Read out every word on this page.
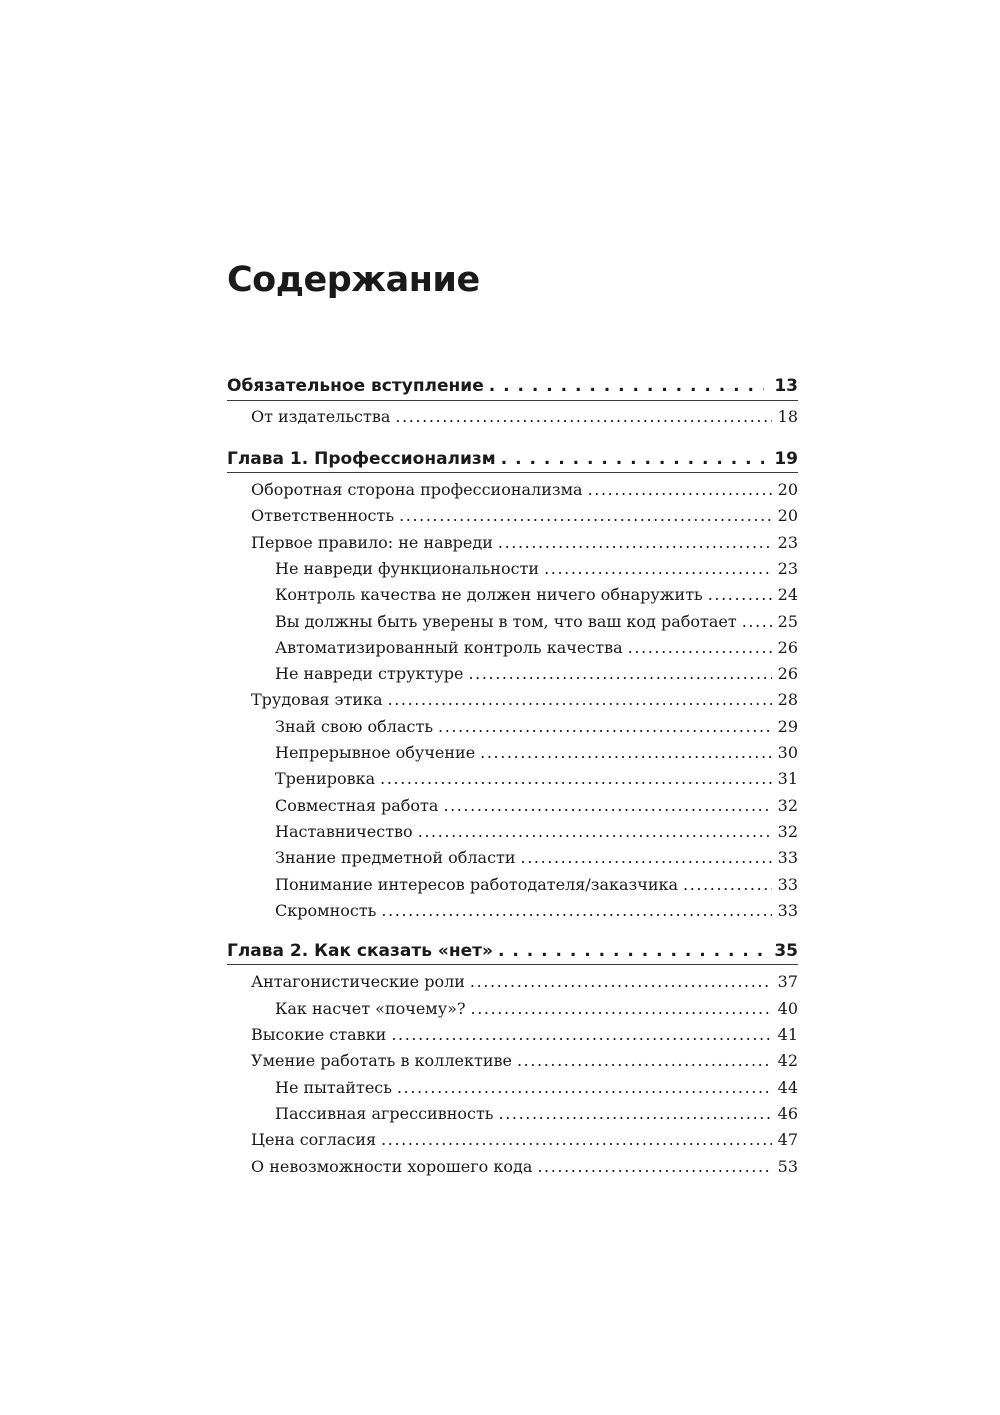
Содержание
Обязательное вступление . . .	13
От издательства .....	18
Глава 1. Профессионализм . . .	19
Оборотная сторона профессионализма .....	20
Ответственность .....	20
Первое правило: не навреди .....	23
Не навреди функциональности .....	23
Контроль качества не должен ничего обнаружить .....	24
Вы должны быть уверены в том, что ваш код работает .....	25
Автоматизированный контроль качества .....	26
Не навреди структуре .....	26
Трудовая этика .....	28
Знай свою область .....	29
Непрерывное обучение .....	30
Тренировка .....	31
Совместная работа .....	32
Наставничество .....	32
Знание предметной области .....	33
Понимание интересов работодателя/заказчика .....	33
Скромность .....	33
Глава 2. Как сказать «нет» . . .	35
Антагонистические роли .....	37
Как насчет «почему»? .....	40
Высокие ставки .....	41
Умение работать в коллективе .....	42
Не пытайтесь .....	44
Пассивная агрессивность .....	46
Цена согласия .....	47
О невозможности хорошего кода .....	53
